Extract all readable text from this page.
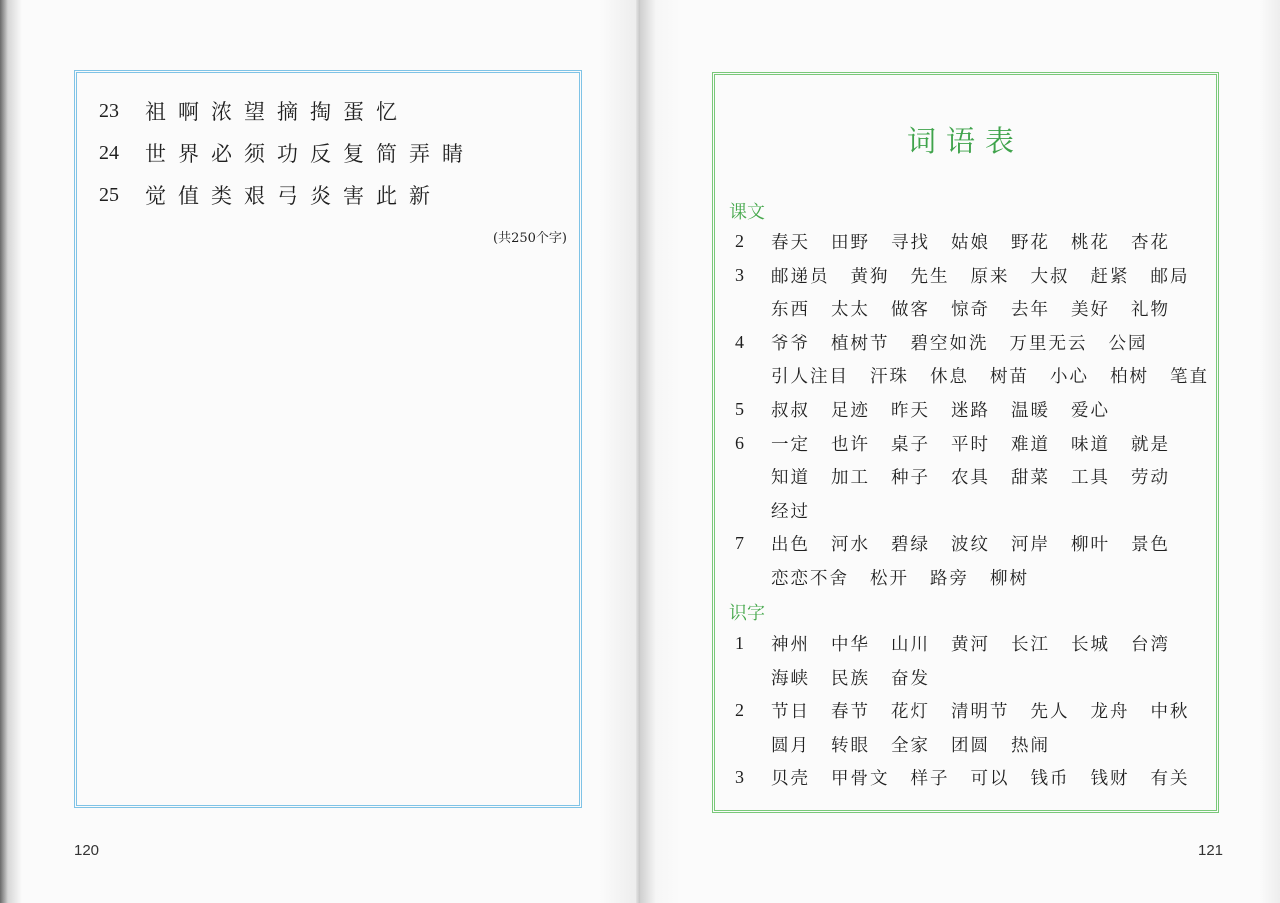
23	祖啊浓望摘掏蛋忆
24	世界必须功反复简弄睛
25	觉值类艰弓炎害此新
(共250个字)
120
词语表
课文
2	春天 田野 寻找 姑娘 野花 桃花 杏花
3	邮递员 黄狗 先生 原来 大叔 赶紧 邮局
东西 太太 做客 惊奇 去年 美好 礼物
4	爷爷 植树节 碧空如洗 万里无云 公园
引人注目 汗珠 休息 树苗 小心 柏树 笔直
5	叔叔 足迹 昨天 迷路 温暖 爱心
6	一定 也许 桌子 平时 难道 味道 就是
知道 加工 种子 农具 甜菜 工具 劳动
经过
7	出色 河水 碧绿 波纹 河岸 柳叶 景色
恋恋不舍 松开 路旁 柳树
识字
1	神州 中华 山川 黄河 长江 长城 台湾
海峡 民族 奋发
2	节日 春节 花灯 清明节 先人 龙舟 中秋
圆月 转眼 全家 团圆 热闹
3	贝壳 甲骨文 样子 可以 钱币 钱财 有关
121
